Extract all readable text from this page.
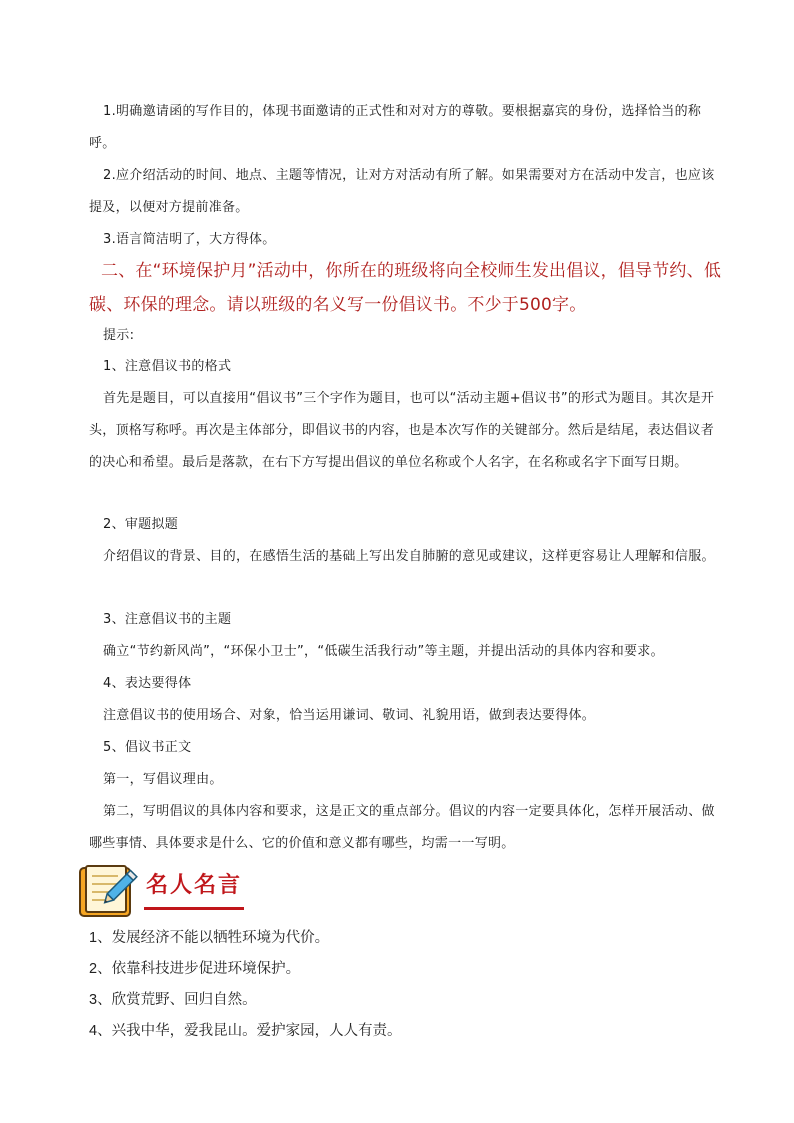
1.明确邀请函的写作目的，体现书面邀请的正式性和对对方的尊敬。要根据嘉宾的身份，选择恰当的称呼。

2.应介绍活动的时间、地点、主题等情况，让对方对活动有所了解。如果需要对方在活动中发言，也应该提及，以便对方提前准备。

3.语言简洁明了，大方得体。

二、在“环境保护月”活动中，你所在的班级将向全校师生发出倡议，倡导节约、低碳、环保的理念。请以班级的名义写一份倡议书。不少于500字。

提示:

1、注意倡议书的格式

首先是题目，可以直接用“倡议书”三个字作为题目，也可以“活动主题+倡议书”的形式为题目。其次是开头，顶格写称呼。再次是主体部分，即倡议书的内容，也是本次写作的关键部分。然后是结尾，表达倡议者的决心和希望。最后是落款，在右下方写提出倡议的单位名称或个人名字，在名称或名字下面写日期。

2、审题拟题

介绍倡议的背景、目的，在感悟生活的基础上写出发自肺腑的意见或建议，这样更容易让人理解和信服。

3、注意倡议书的主题

确立“节约新风尚”，“环保小卫士”，“低碳生活我行动”等主题，并提出活动的具体内容和要求。

4、表达要得体

注意倡议书的使用场合、对象，恰当运用谦词、敬词、礼貌用语，做到表达要得体。

5、倡议书正文

第一，写倡议理由。

第二，写明倡议的具体内容和要求，这是正文的重点部分。倡议的内容一定要具体化，怎样开展活动、做哪些事情、具体要求是什么、它的价值和意义都有哪些，均需一一写明。

名人名言

1、发展经济不能以牺牲环境为代价。

2、依靠科技进步促进环境保护。

3、欣赏荒野、回归自然。

4、兴我中华，爱我昆山。爱护家园，人人有责。
